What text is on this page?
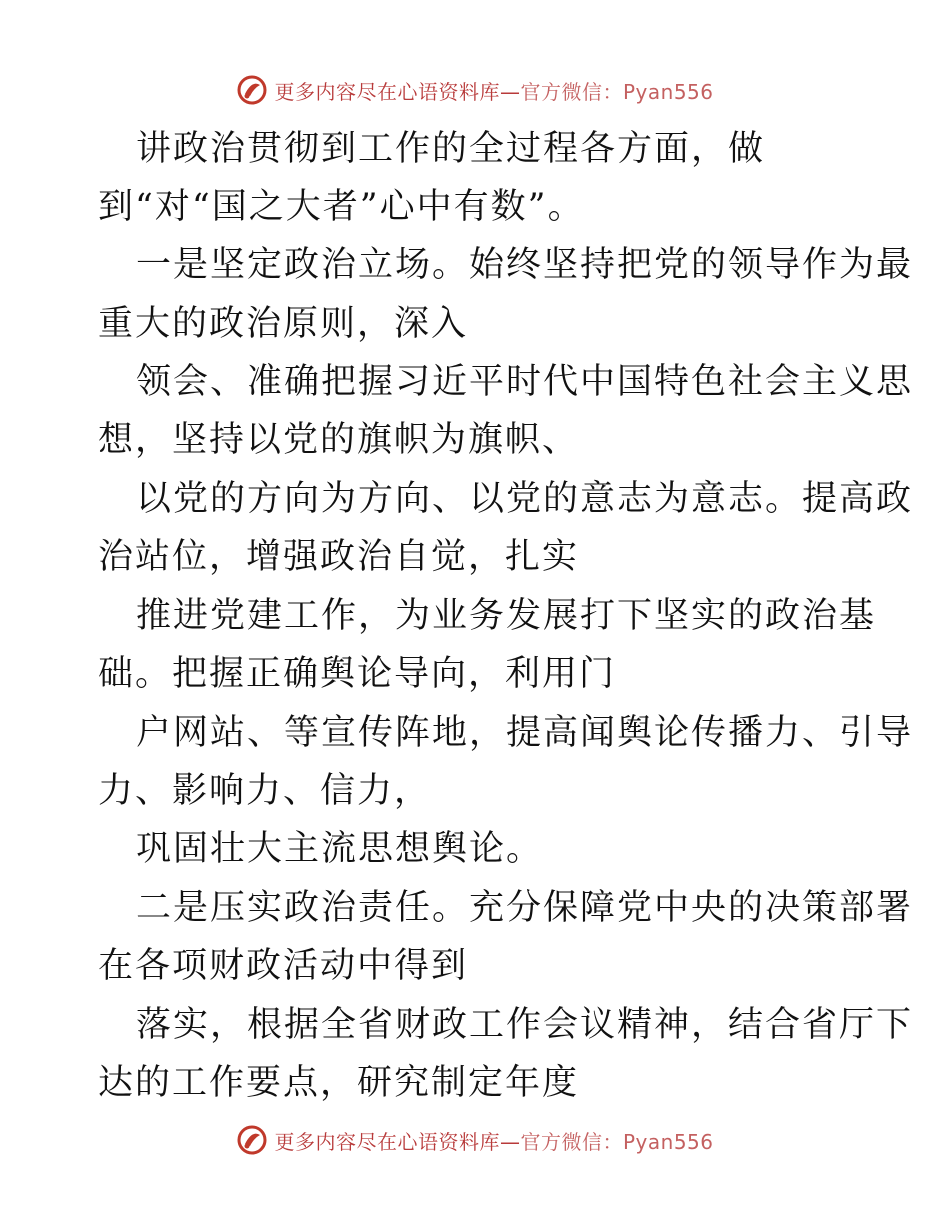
更多内容尽在心语资料库—官方微信：Pyan556
讲政治贯彻到工作的全过程各方面，做
到“对“国之大者”心中有数”。
一是坚定政治立场。始终坚持把党的领导作为最
重大的政治原则，深入
领会、准确把握习近平时代中国特色社会主义思
想，坚持以党的旗帜为旗帜、
以党的方向为方向、以党的意志为意志。提高政
治站位，增强政治自觉，扎实
推进党建工作，为业务发展打下坚实的政治基
础。把握正确舆论导向，利用门
户网站、等宣传阵地，提高闻舆论传播力、引导
力、影响力、信力，
巩固壮大主流思想舆论。
二是压实政治责任。充分保障党中央的决策部署
在各项财政活动中得到
落实，根据全省财政工作会议精神，结合省厅下
达的工作要点，研究制定年度
更多内容尽在心语资料库—官方微信：Pyan556
